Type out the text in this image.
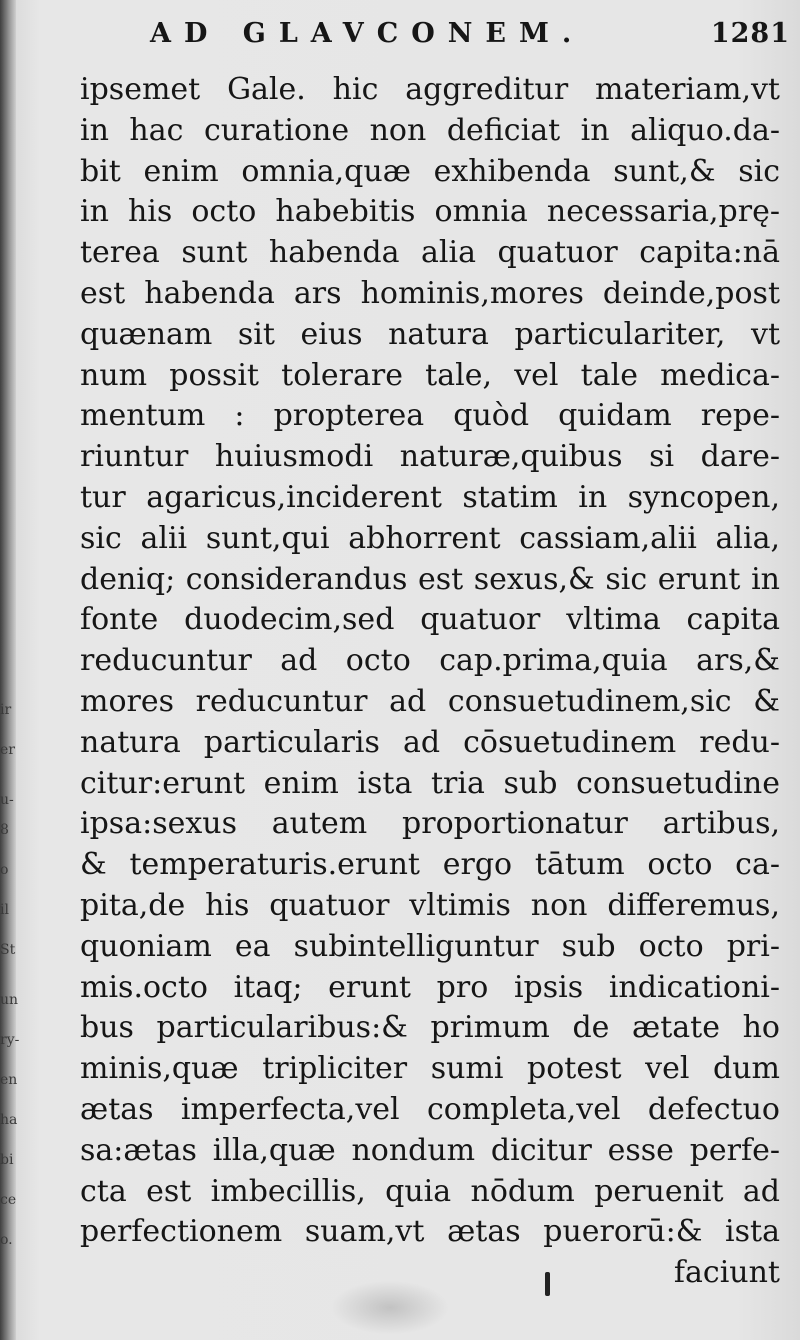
ir
er
u-
8
o
il
St
un
ry-
en
ha
bi
ce
o.
AD GLAVCONEM.	1281
ipsemet Gale. hic aggreditur materiam,vt
in hac curatione non deficiat in aliquo.da-
bit enim omnia,quæ exhibenda sunt,& sic
in his octo habebitis omnia necessaria,prę-
terea sunt habenda alia quatuor capita:nā
est habenda ars hominis,mores deinde,post
quænam sit eius natura particulariter, vt
num possit tolerare tale, vel tale medica-
mentum : propterea quòd quidam repe-
riuntur huiusmodi naturæ,quibus si dare-
tur agaricus,inciderent statim in syncopen,
sic alii sunt,qui abhorrent cassiam,alii alia,
deniq; considerandus est sexus,& sic erunt in
fonte duodecim,sed quatuor vltima capita
reducuntur ad octo cap.prima,quia ars,&
mores reducuntur ad consuetudinem,sic &
natura particularis ad cōsuetudinem redu-
citur:erunt enim ista tria sub consuetudine
ipsa:sexus autem proportionatur artibus,
& temperaturis.erunt ergo tātum octo ca-
pita,de his quatuor vltimis non differemus,
quoniam ea subintelliguntur sub octo pri-
mis.octo itaq; erunt pro ipsis indicationi-
bus particularibus:& primum de ætate ho
minis,quæ tripliciter sumi potest vel dum
ætas imperfecta,vel completa,vel defectuo
sa:ætas illa,quæ nondum dicitur esse perfe-
cta est imbecillis, quia nōdum peruenit ad
perfectionem suam,vt ætas puerorū:& ista
faciunt
